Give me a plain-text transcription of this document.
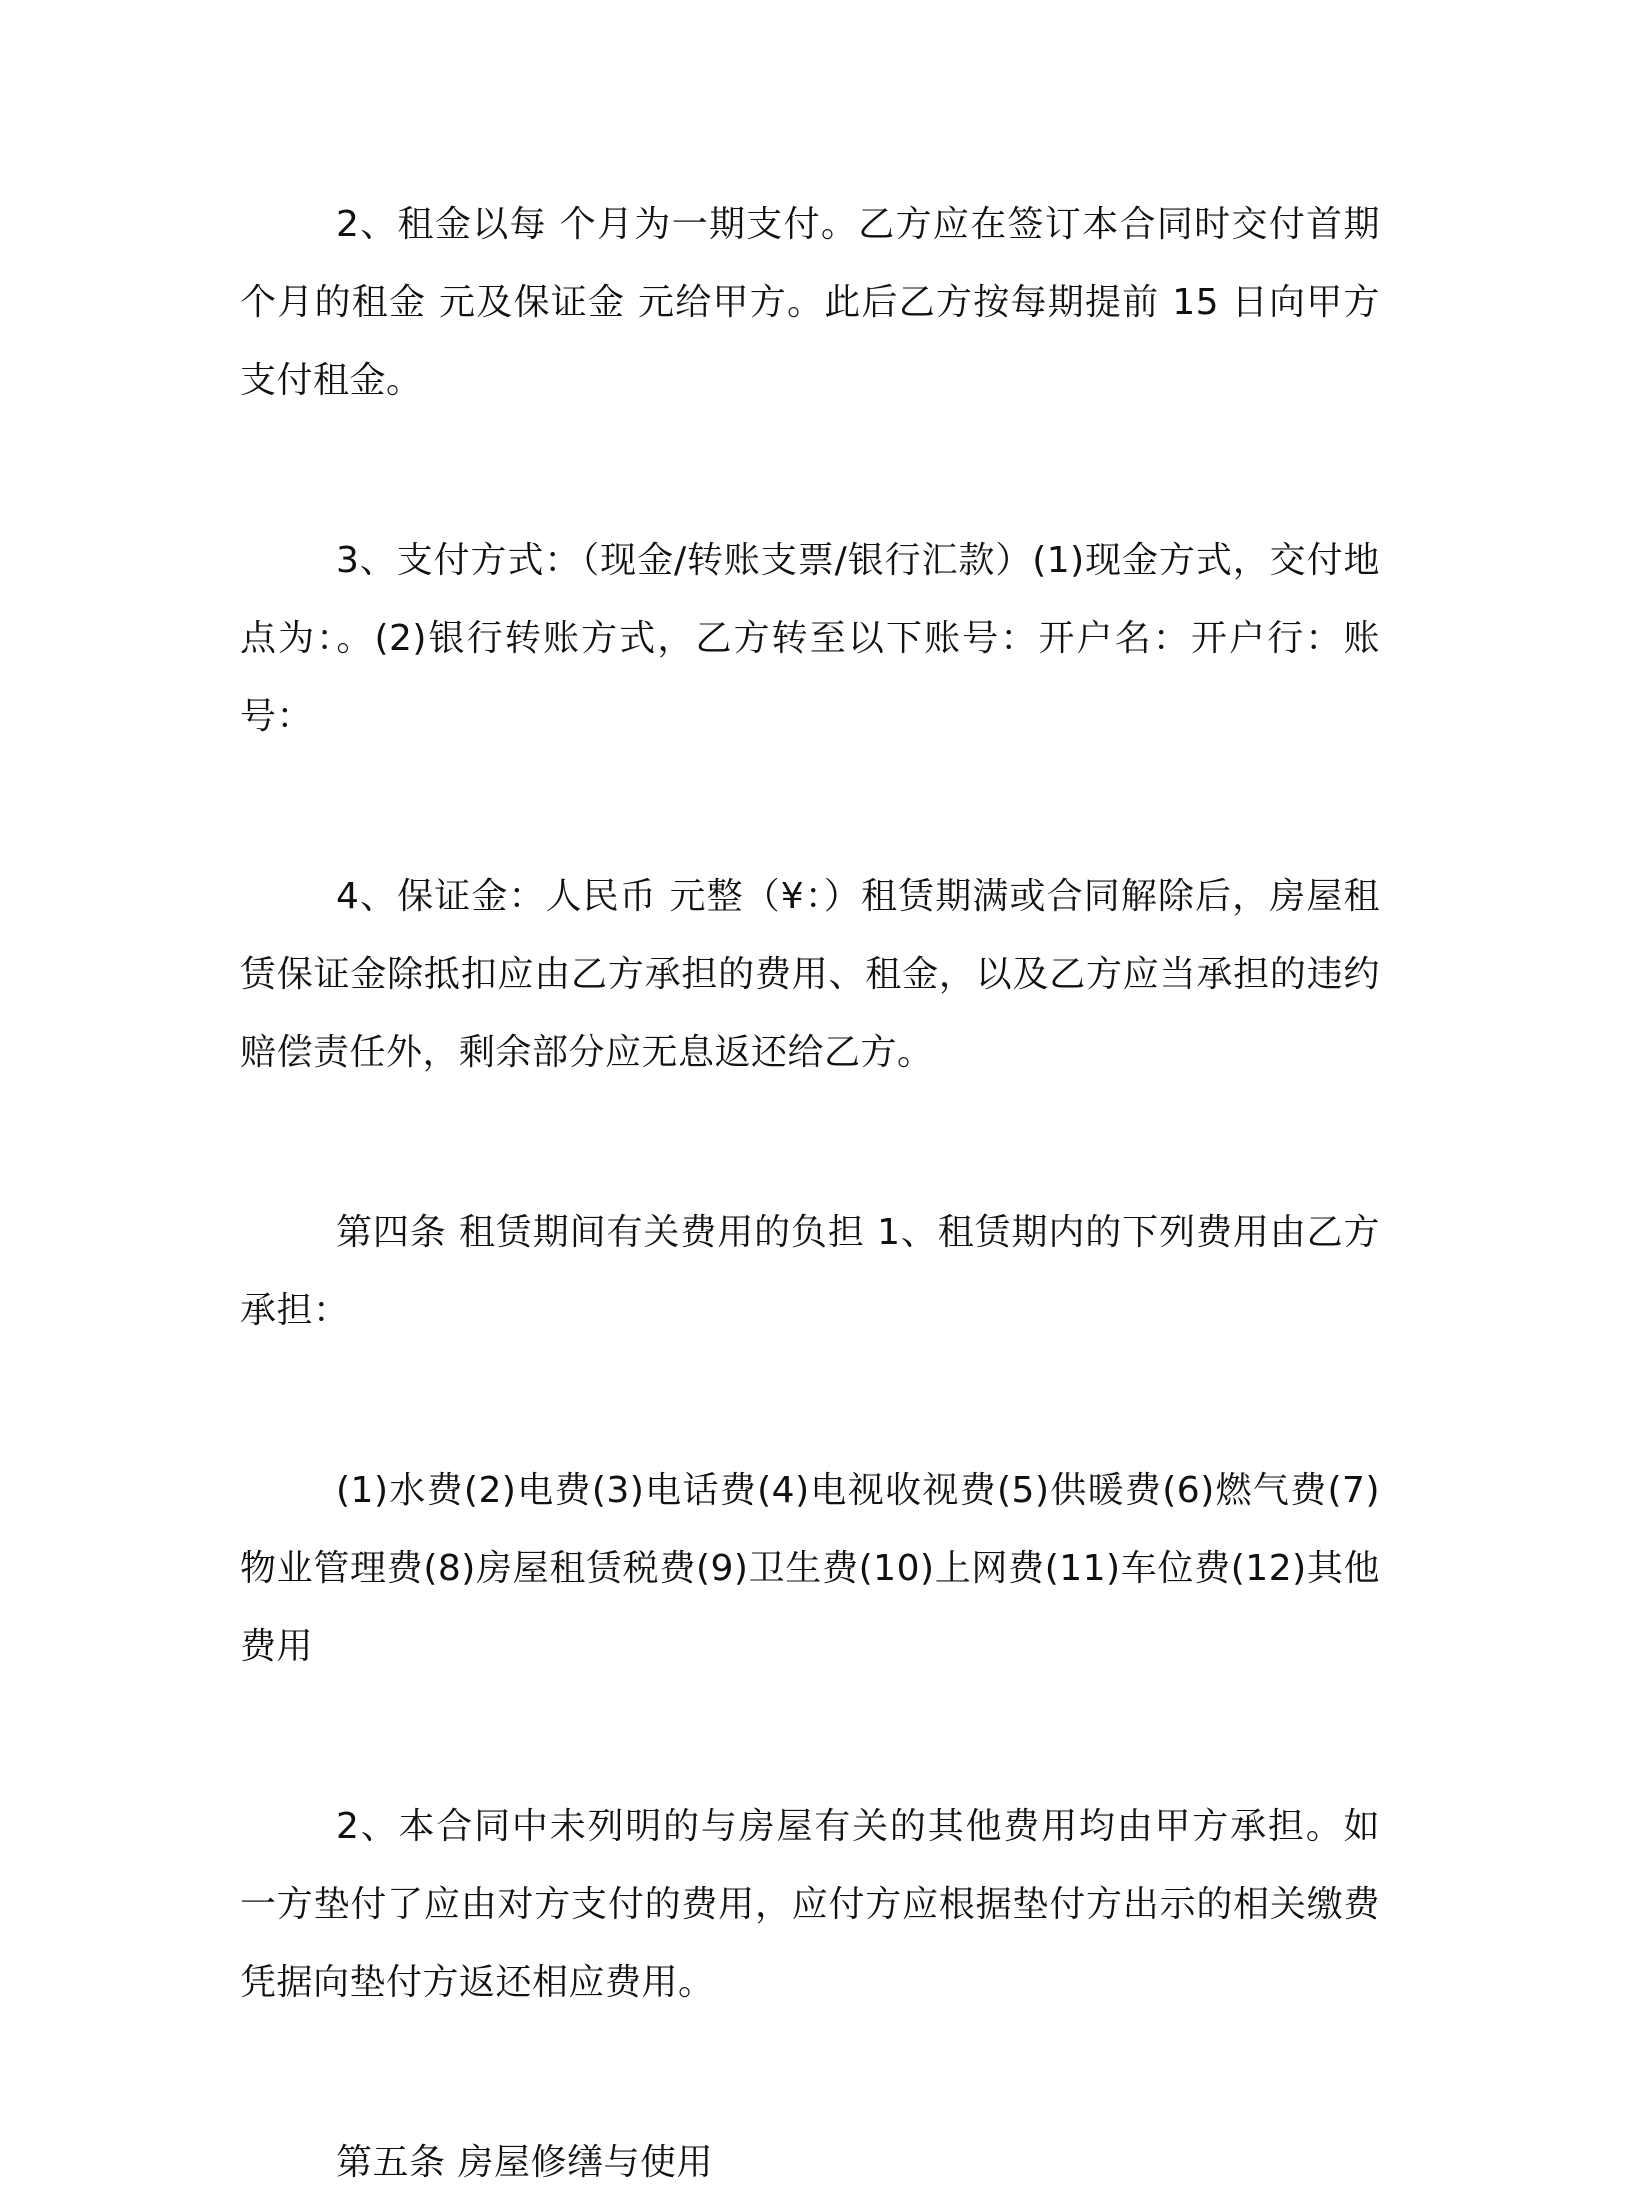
2、租金以每 个月为一期支付。乙方应在签订本合同时交付首期 个月的租金 元及保证金 元给甲方。此后乙方按每期提前 15 日向甲方支付租金。

3、支付方式：（现金/转账支票/银行汇款）(1)现金方式，交付地点为：。(2)银行转账方式，乙方转至以下账号：开户名：开户行：账号：

4、保证金：人民币 元整（¥：）租赁期满或合同解除后，房屋租赁保证金除抵扣应由乙方承担的费用、租金，以及乙方应当承担的违约赔偿责任外，剩余部分应无息返还给乙方。

第四条 租赁期间有关费用的负担 1、租赁期内的下列费用由乙方承担：

(1)水费(2)电费(3)电话费(4)电视收视费(5)供暖费(6)燃气费(7)物业管理费(8)房屋租赁税费(9)卫生费(10)上网费(11)车位费(12)其他费用

2、本合同中未列明的与房屋有关的其他费用均由甲方承担。如一方垫付了应由对方支付的费用，应付方应根据垫付方出示的相关缴费凭据向垫付方返还相应费用。

第五条 房屋修缮与使用
